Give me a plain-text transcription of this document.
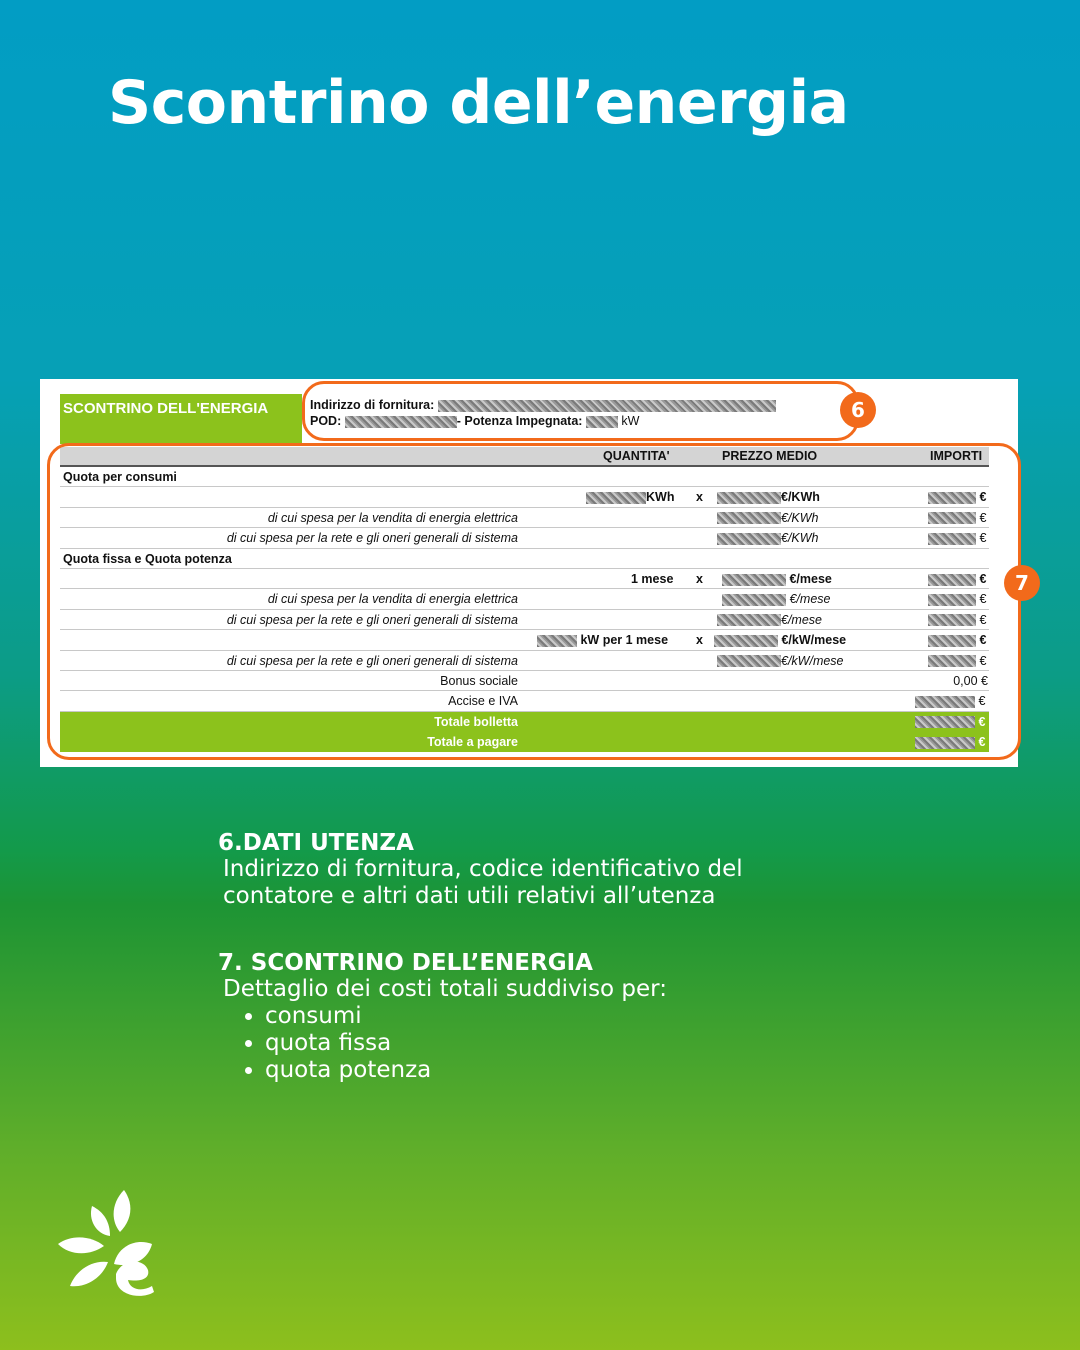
Scontrino dell’energia
SCONTRINO DELL'ENERGIA	Indirizzo di fornitura:
POD:	- Potenza Impegnata:	kW
QUANTITA'	PREZZO MEDIO	IMPORTI
Quota per consumi
KWh x	€/KWh	€
di cui spesa per la vendita di energia elettrica	€/KWh	€
di cui spesa per la rete e gli oneri generali di sistema	€/KWh	€
Quota fissa e Quota potenza
1 mese x	€/mese	€
di cui spesa per la vendita di energia elettrica	€/mese	€
di cui spesa per la rete e gli oneri generali di sistema	€/mese	€
kW per 1 mese x	€/kW/mese	€
di cui spesa per la rete e gli oneri generali di sistema	€/kW/mese	€
Bonus sociale	0,00 €
Accise e IVA	€
Totale bolletta	€
Totale a pagare	€
6
7

6.DATI UTENZA

Indirizzo di fornitura, codice identificativo del

contatore e altri dati utili relativi all’utenza

7. SCONTRINO DELL’ENERGIA

Dettaglio dei costi totali suddiviso per:

• consumi
• quota fissa
• quota potenza
